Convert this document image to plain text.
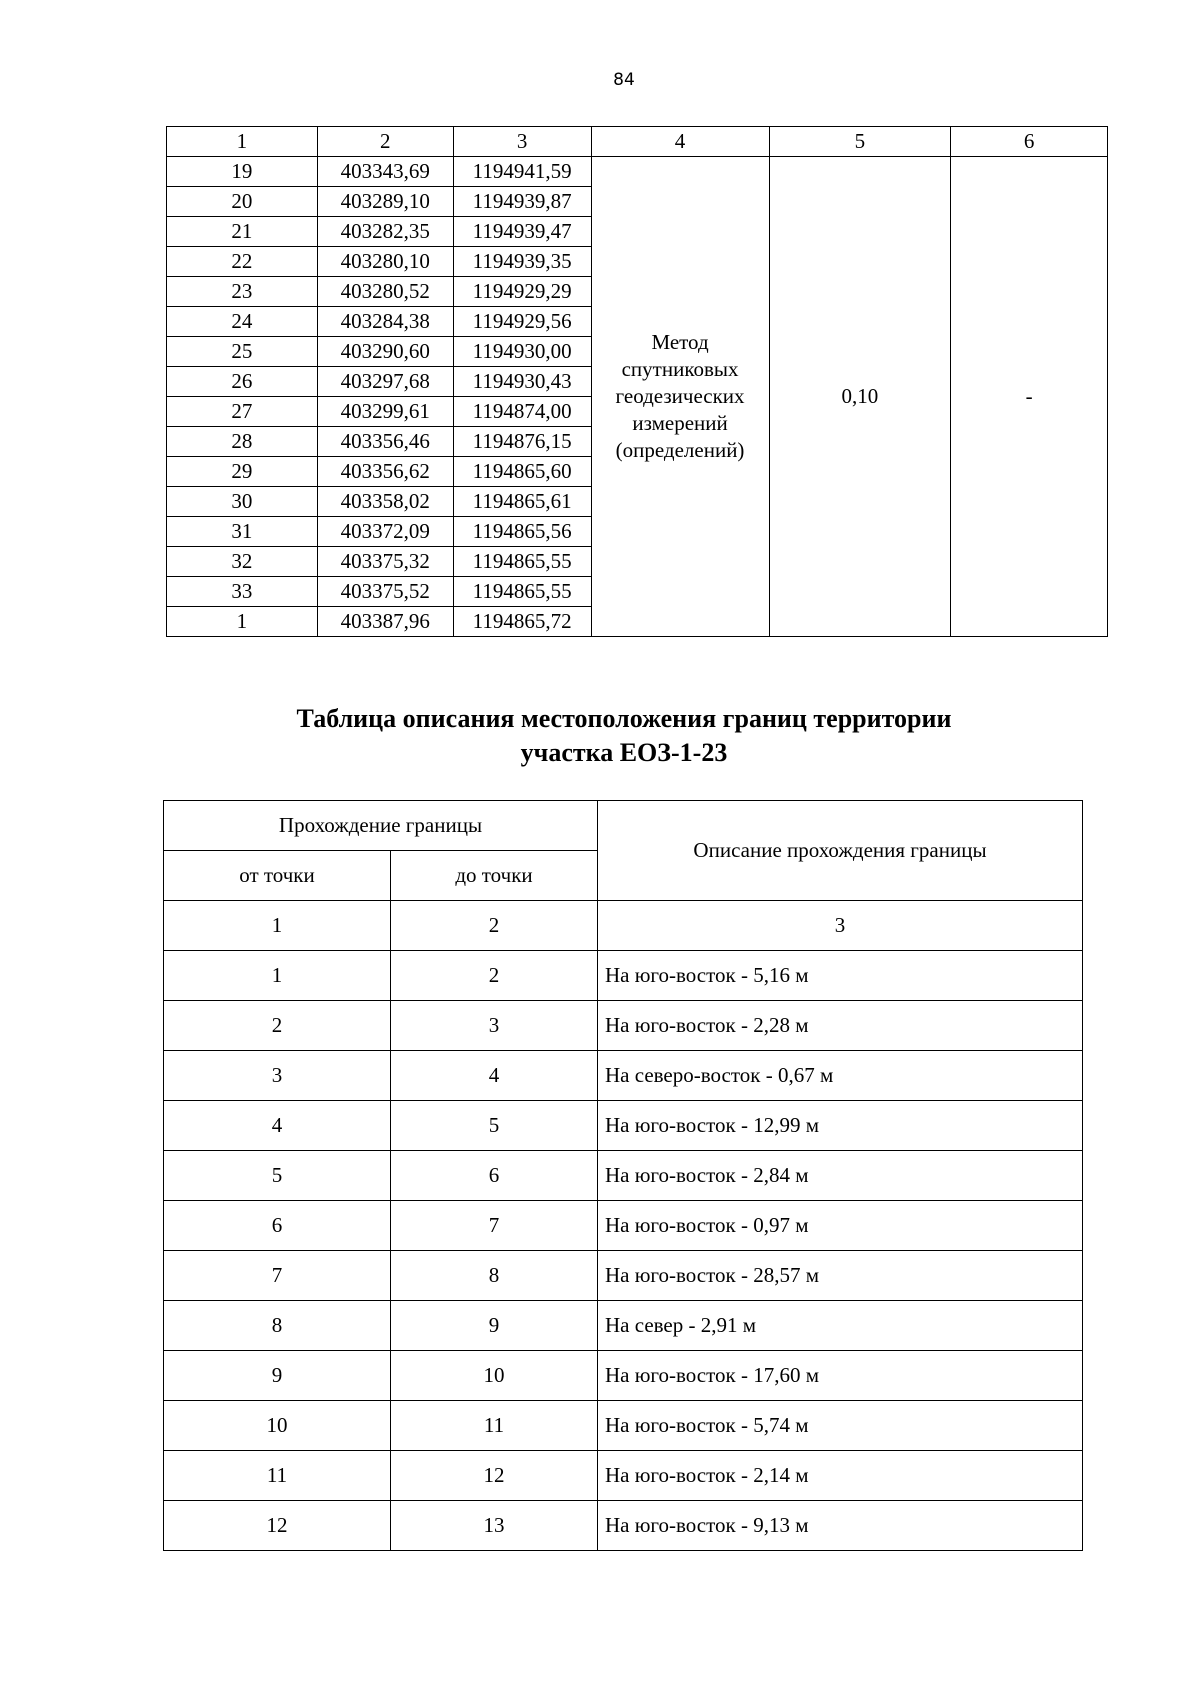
84
1	2	3	4	5	6
19	403343,69	1194941,59	Метод
спутниковых
геодезических
измерений
(определений)	0,10	-
20	403289,10	1194939,87			
21	403282,35	1194939,47			
22	403280,10	1194939,35			
23	403280,52	1194929,29			
24	403284,38	1194929,56			
25	403290,60	1194930,00			
26	403297,68	1194930,43			
27	403299,61	1194874,00			
28	403356,46	1194876,15			
29	403356,62	1194865,60			
30	403358,02	1194865,61			
31	403372,09	1194865,56			
32	403375,32	1194865,55			
33	403375,52	1194865,55			
1	403387,96	1194865,72			
Таблица описания местоположения границ территории
участка ЕОЗ-1-23
Прохождение границы		Описание прохождения границы
от точки	до точки	
1	2	3
1	2	На юго-восток - 5,16 м
2	3	На юго-восток - 2,28 м
3	4	На северо-восток - 0,67 м
4	5	На юго-восток - 12,99 м
5	6	На юго-восток - 2,84 м
6	7	На юго-восток - 0,97 м
7	8	На юго-восток - 28,57 м
8	9	На север - 2,91 м
9	10	На юго-восток - 17,60 м
10	11	На юго-восток - 5,74 м
11	12	На юго-восток - 2,14 м
12	13	На юго-восток - 9,13 м
